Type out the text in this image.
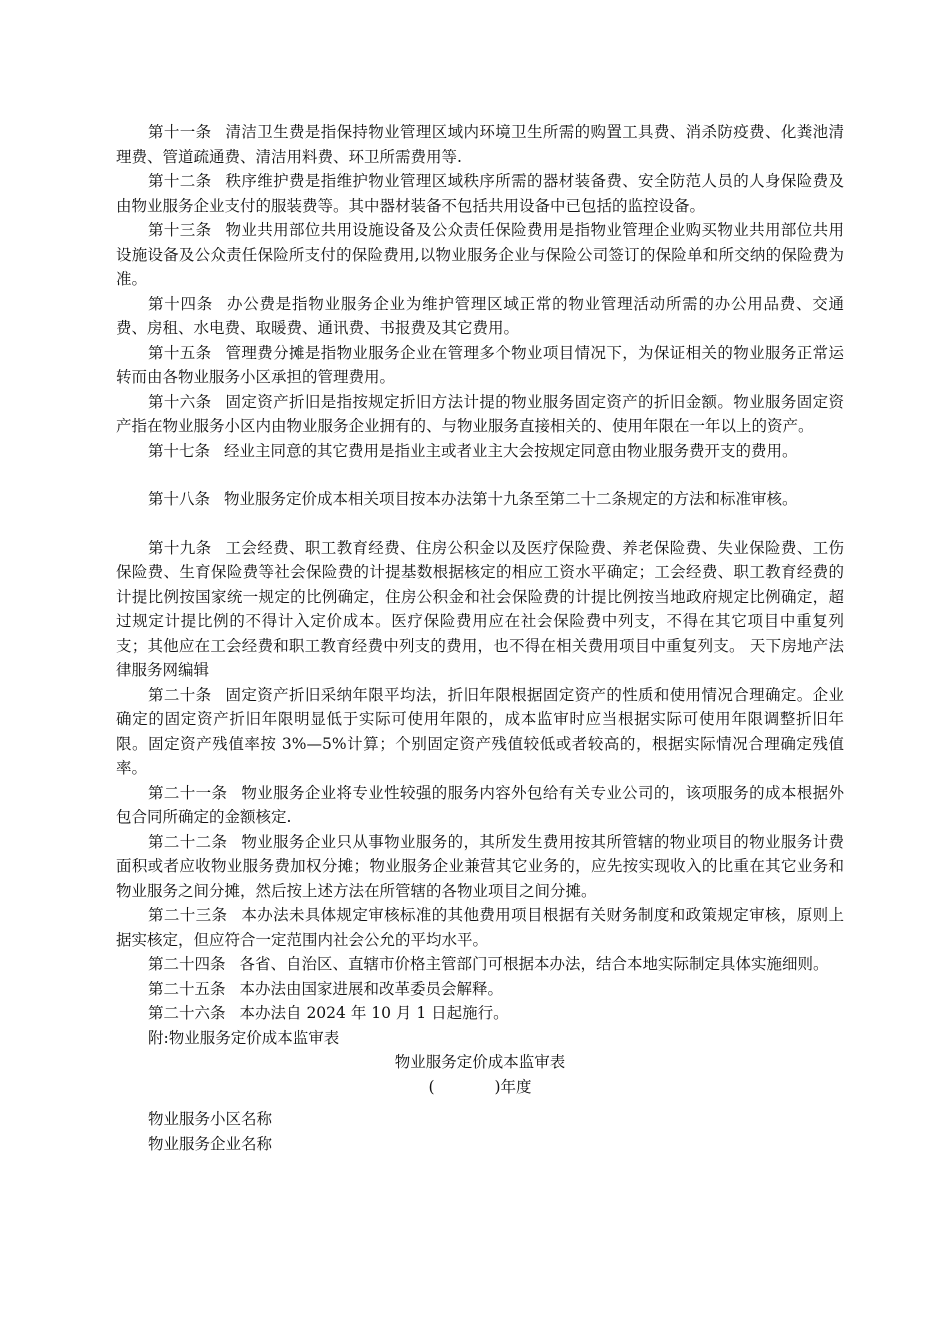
第十一条 清洁卫生费是指保持物业管理区域内环境卫生所需的购置工具费、消杀防疫费、化粪池清理费、管道疏通费、清洁用料费、环卫所需费用等.

第十二条 秩序维护费是指维护物业管理区域秩序所需的器材装备费、安全防范人员的人身保险费及由物业服务企业支付的服装费等。其中器材装备不包括共用设备中已包括的监控设备。

第十三条 物业共用部位共用设施设备及公众责任保险费用是指物业管理企业购买物业共用部位共用设施设备及公众责任保险所支付的保险费用,以物业服务企业与保险公司签订的保险单和所交纳的保险费为准。

第十四条 办公费是指物业服务企业为维护管理区域正常的物业管理活动所需的办公用品费、交通费、房租、水电费、取暖费、通讯费、书报费及其它费用。

第十五条 管理费分摊是指物业服务企业在管理多个物业项目情况下，为保证相关的物业服务正常运转而由各物业服务小区承担的管理费用。

第十六条 固定资产折旧是指按规定折旧方法计提的物业服务固定资产的折旧金额。物业服务固定资产指在物业服务小区内由物业服务企业拥有的、与物业服务直接相关的、使用年限在一年以上的资产。

第十七条 经业主同意的其它费用是指业主或者业主大会按规定同意由物业服务费开支的费用。

第十八条 物业服务定价成本相关项目按本办法第十九条至第二十二条规定的方法和标准审核。

第十九条 工会经费、职工教育经费、住房公积金以及医疗保险费、养老保险费、失业保险费、工伤保险费、生育保险费等社会保险费的计提基数根据核定的相应工资水平确定；工会经费、职工教育经费的计提比例按国家统一规定的比例确定，住房公积金和社会保险费的计提比例按当地政府规定比例确定，超过规定计提比例的不得计入定价成本。医疗保险费用应在社会保险费中列支，不得在其它项目中重复列支；其他应在工会经费和职工教育经费中列支的费用，也不得在相关费用项目中重复列支。 天下房地产法律服务网编辑

第二十条 固定资产折旧采纳年限平均法，折旧年限根据固定资产的性质和使用情况合理确定。企业确定的固定资产折旧年限明显低于实际可使用年限的，成本监审时应当根据实际可使用年限调整折旧年限。固定资产残值率按 3%—5%计算；个别固定资产残值较低或者较高的，根据实际情况合理确定残值率。

第二十一条 物业服务企业将专业性较强的服务内容外包给有关专业公司的，该项服务的成本根据外包合同所确定的金额核定.

第二十二条 物业服务企业只从事物业服务的，其所发生费用按其所管辖的物业项目的物业服务计费面积或者应收物业服务费加权分摊；物业服务企业兼营其它业务的，应先按实现收入的比重在其它业务和物业服务之间分摊，然后按上述方法在所管辖的各物业项目之间分摊。

第二十三条 本办法未具体规定审核标准的其他费用项目根据有关财务制度和政策规定审核，原则上据实核定，但应符合一定范围内社会公允的平均水平。

第二十四条 各省、自治区、直辖市价格主管部门可根据本办法，结合本地实际制定具体实施细则。

第二十五条 本办法由国家进展和改革委员会解释。

第二十六条 本办法自 2024 年 10 月 1 日起施行。

附:物业服务定价成本监审表

物业服务定价成本监审表

(	)年度

物业服务小区名称

物业服务企业名称
